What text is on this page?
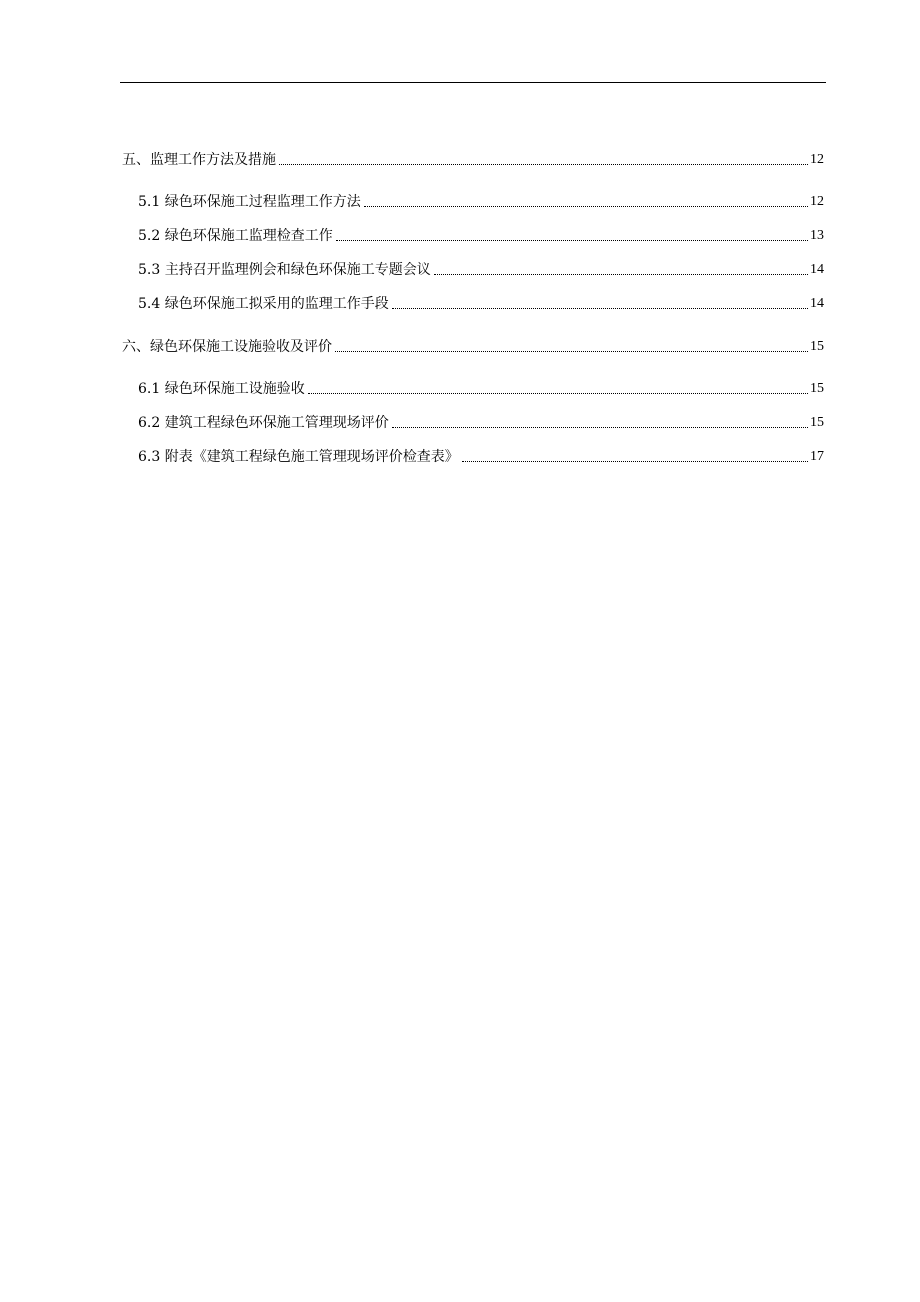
五、监理工作方法及措施	12
5.1 绿色环保施工过程监理工作方法	12
5.2 绿色环保施工监理检查工作	13
5.3 主持召开监理例会和绿色环保施工专题会议	14
5.4 绿色环保施工拟采用的监理工作手段	14
六、绿色环保施工设施验收及评价	15
6.1 绿色环保施工设施验收	15
6.2 建筑工程绿色环保施工管理现场评价	15
6.3 附表《建筑工程绿色施工管理现场评价检查表》	17
